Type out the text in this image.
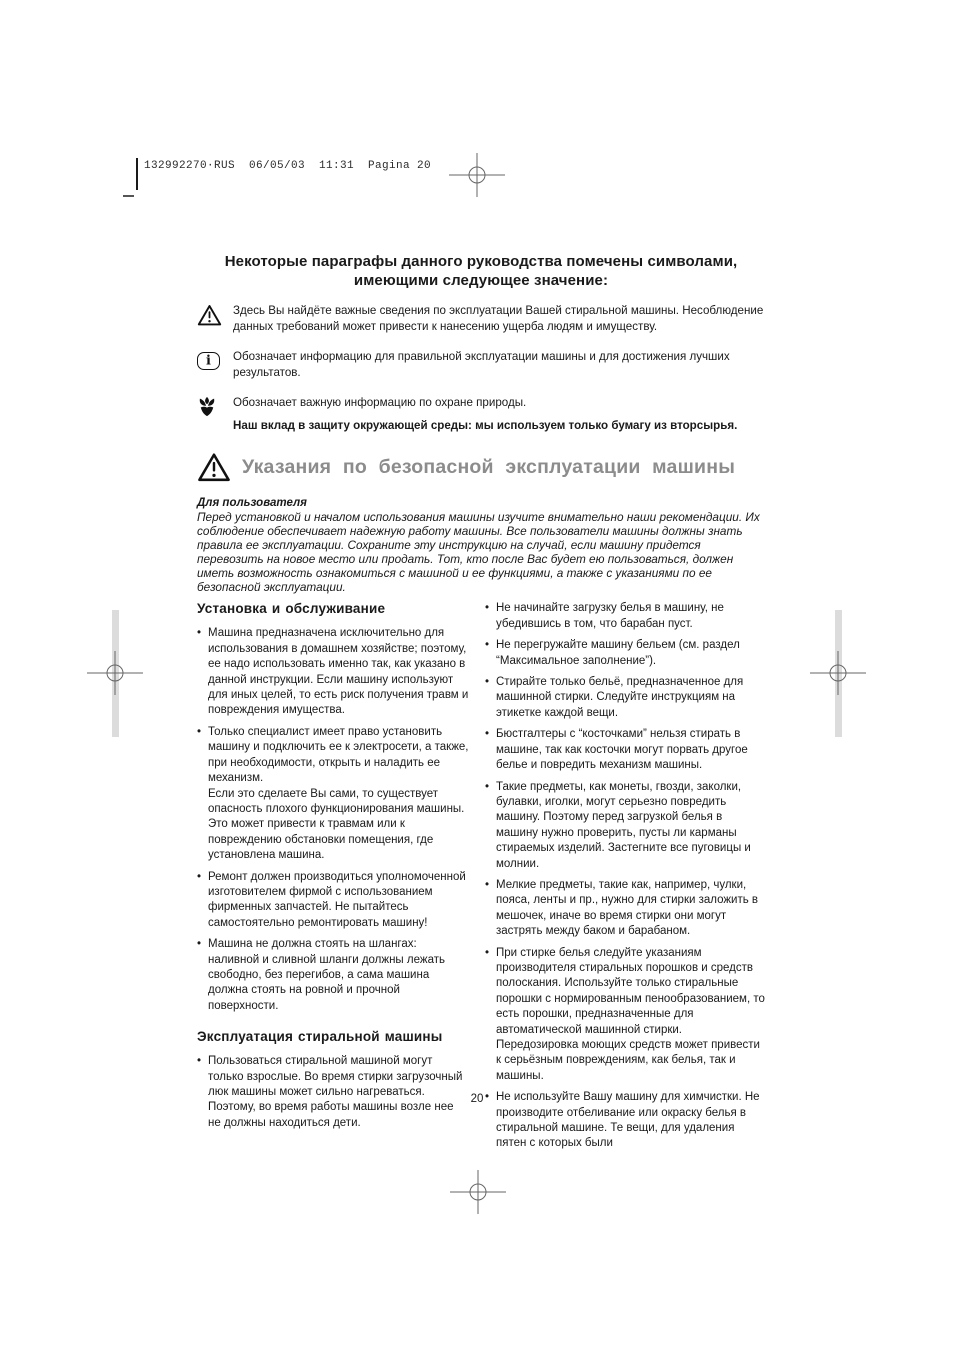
132992270·RUS  06/05/03  11:31  Pagina 20
Некоторые параграфы данного руководства помечены символами,
имеющими следующее значение:
Здесь Вы найдёте важные сведения по эксплуатации Вашей стиральной машины. Несоблюдение данных требований может привести к нанесению ущерба людям и имуществу.
i Обозначает информацию для правильной эксплуатации машины и для достижения лучших результатов.
Обозначает важную информацию по охране природы.
Наш вклад в защиту окружающей среды: мы используем только бумагу из вторсырья.
Указания по безопасной эксплуатации машины
Для пользователя
Перед установкой и началом использования машины изучите внимательно наши рекомендации. Их соблюдение обеспечивает надежную работу машины. Все пользователи машины должны знать правила ее эксплуатации. Сохраните эту инструкцию на случай, если машину придется перевозить на новое место или продать. Тот, кто после Вас будет ею пользоваться, должен иметь возможность ознакомиться с машиной и ее функциями, а также с указаниями по ее безопасной эксплуатации.
Установка и обслуживание
• Машина предназначена исключительно для использования в домашнем хозяйстве; поэтому, ее надо использовать именно так, как указано в данной инструкции. Если машину используют для иных целей, то есть риск получения травм и повреждения имущества.
• Только специалист имеет право установить машину и подключить ее к электросети, а также, при необходимости, открыть и наладить ее механизм.
Если это сделаете Вы сами, то существует опасность плохого функционирования машины. Это может привести к травмам или к повреждению обстановки помещения, где установлена машина.
• Ремонт должен производиться уполномоченной изготовителем фирмой с использованием фирменных запчастей. Не пытайтесь самостоятельно ремонтировать машину!
• Машина не должна стоять на шлангах: наливной и сливной шланги должны лежать свободно, без перегибов, а сама машина должна стоять на ровной и прочной поверхности.
Эксплуатация стиральной машины
• Пользоваться стиральной машиной могут только взрослые. Во время стирки загрузочный люк машины может сильно нагреваться. Поэтому, во время работы машины возле нее не должны находиться дети.
• Не начинайте загрузку белья в машину, не убедившись в том, что барабан пуст.
• Не перегружайте машину бельем (см. раздел “Максимальное заполнение”).
• Стирайте только бельё, предназначенное для машинной стирки. Следуйте инструкциям на этикетке каждой вещи.
• Бюстгалтеры с “косточками” нельзя стирать в машине, так как косточки могут порвать другое белье и повредить механизм машины.
• Такие предметы, как монеты, гвозди, заколки, булавки, иголки, могут серьезно повредить машину. Поэтому перед загрузкой белья в машину нужно проверить, пусты ли карманы стираемых изделий. Застегните все пуговицы и молнии.
• Мелкие предметы, такие как, например, чулки, пояса, ленты и пр., нужно для стирки заложить в мешочек, иначе во время стирки они могут застрять между баком и барабаном.
• При стирке белья следуйте указаниям производителя стиральных порошков и средств полоскания. Используйте только стиральные порошки с нормированным пенообразованием, то есть порошки, предназначенные для автоматической машинной стирки.
Передозировка моющих средств может привести к серьёзным повреждениям, как белья, так и машины.
• Не используйте Вашу машину для химчистки. Не производите отбеливание или окраску белья в стиральной машине. Те вещи, для удаления пятен с которых были
20
